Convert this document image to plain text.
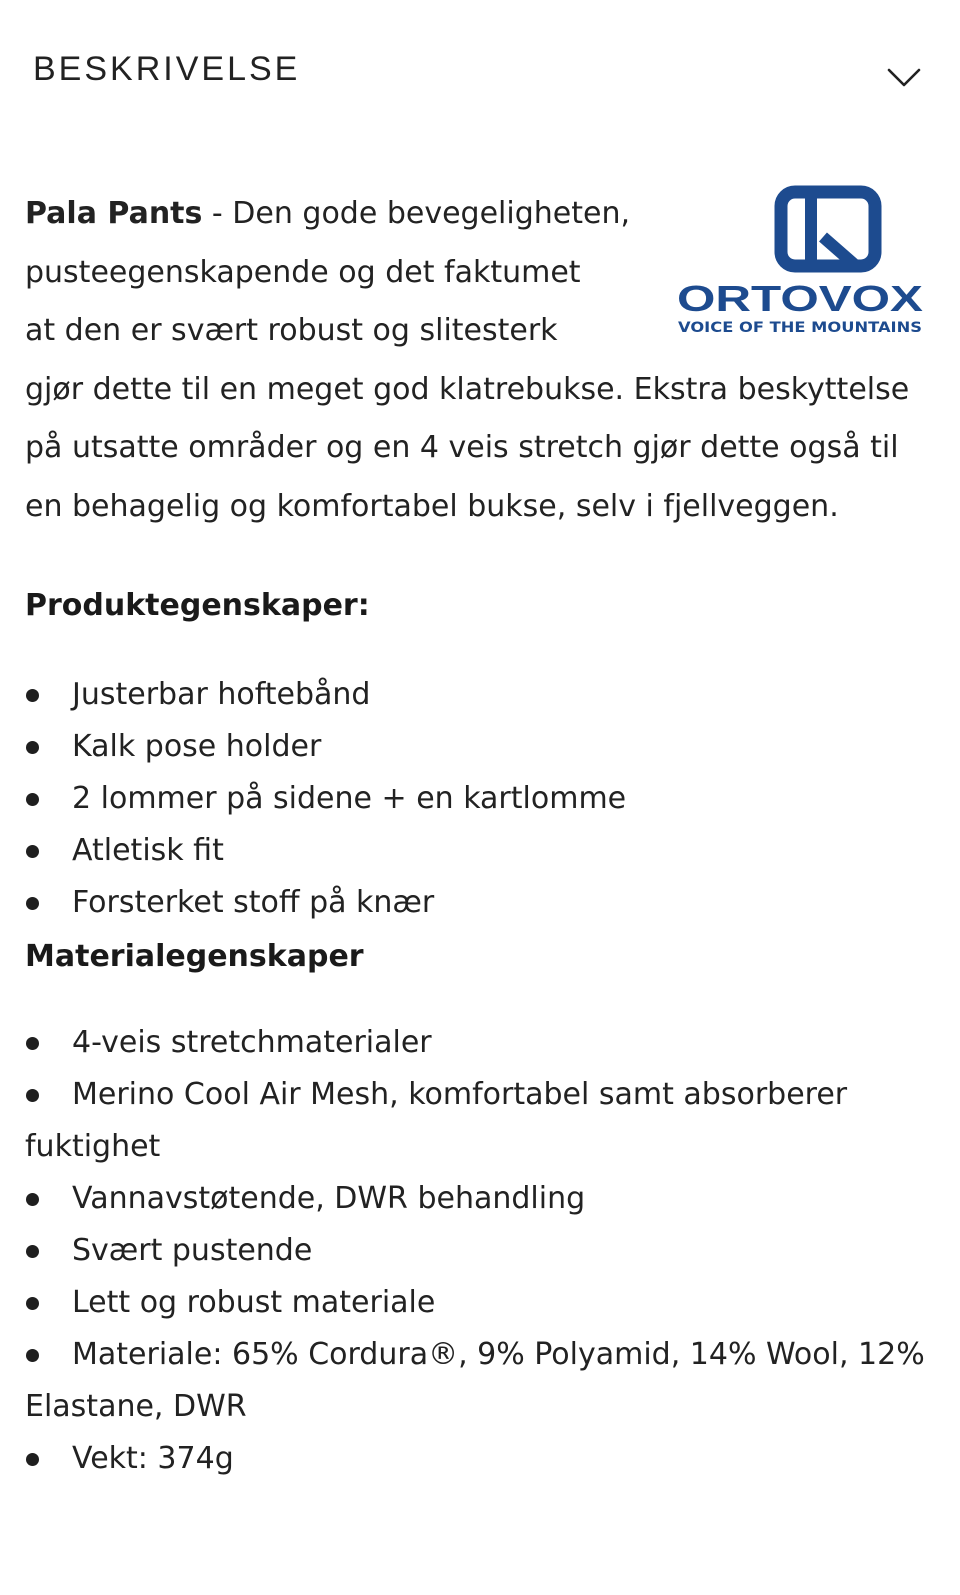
BESKRIVELSE
ORTOVOX
VOICE OF THE MOUNTAINS

Pala Pants - Den gode bevegeligheten,
pusteegenskapende og det faktumet
at den er svært robust og slitesterk
gjør dette til en meget god klatrebukse. Ekstra beskyttelse på utsatte områder og en 4 veis stretch gjør dette også til en behagelig og komfortabel bukse, selv i fjellveggen.

Produktegenskaper:
Justerbar hoftebånd
Kalk pose holder
2 lommer på sidene + en kartlomme
Atletisk fit
Forsterket stoff på knær
Materialegenskaper
4-veis stretchmaterialer
Merino Cool Air Mesh, komfortabel samt absorberer fuktighet
Vannavstøtende, DWR behandling
Svært pustende
Lett og robust materiale
Materiale: 65% Cordura®, 9% Polyamid, 14% Wool, 12% Elastane, DWR
Vekt: 374g
